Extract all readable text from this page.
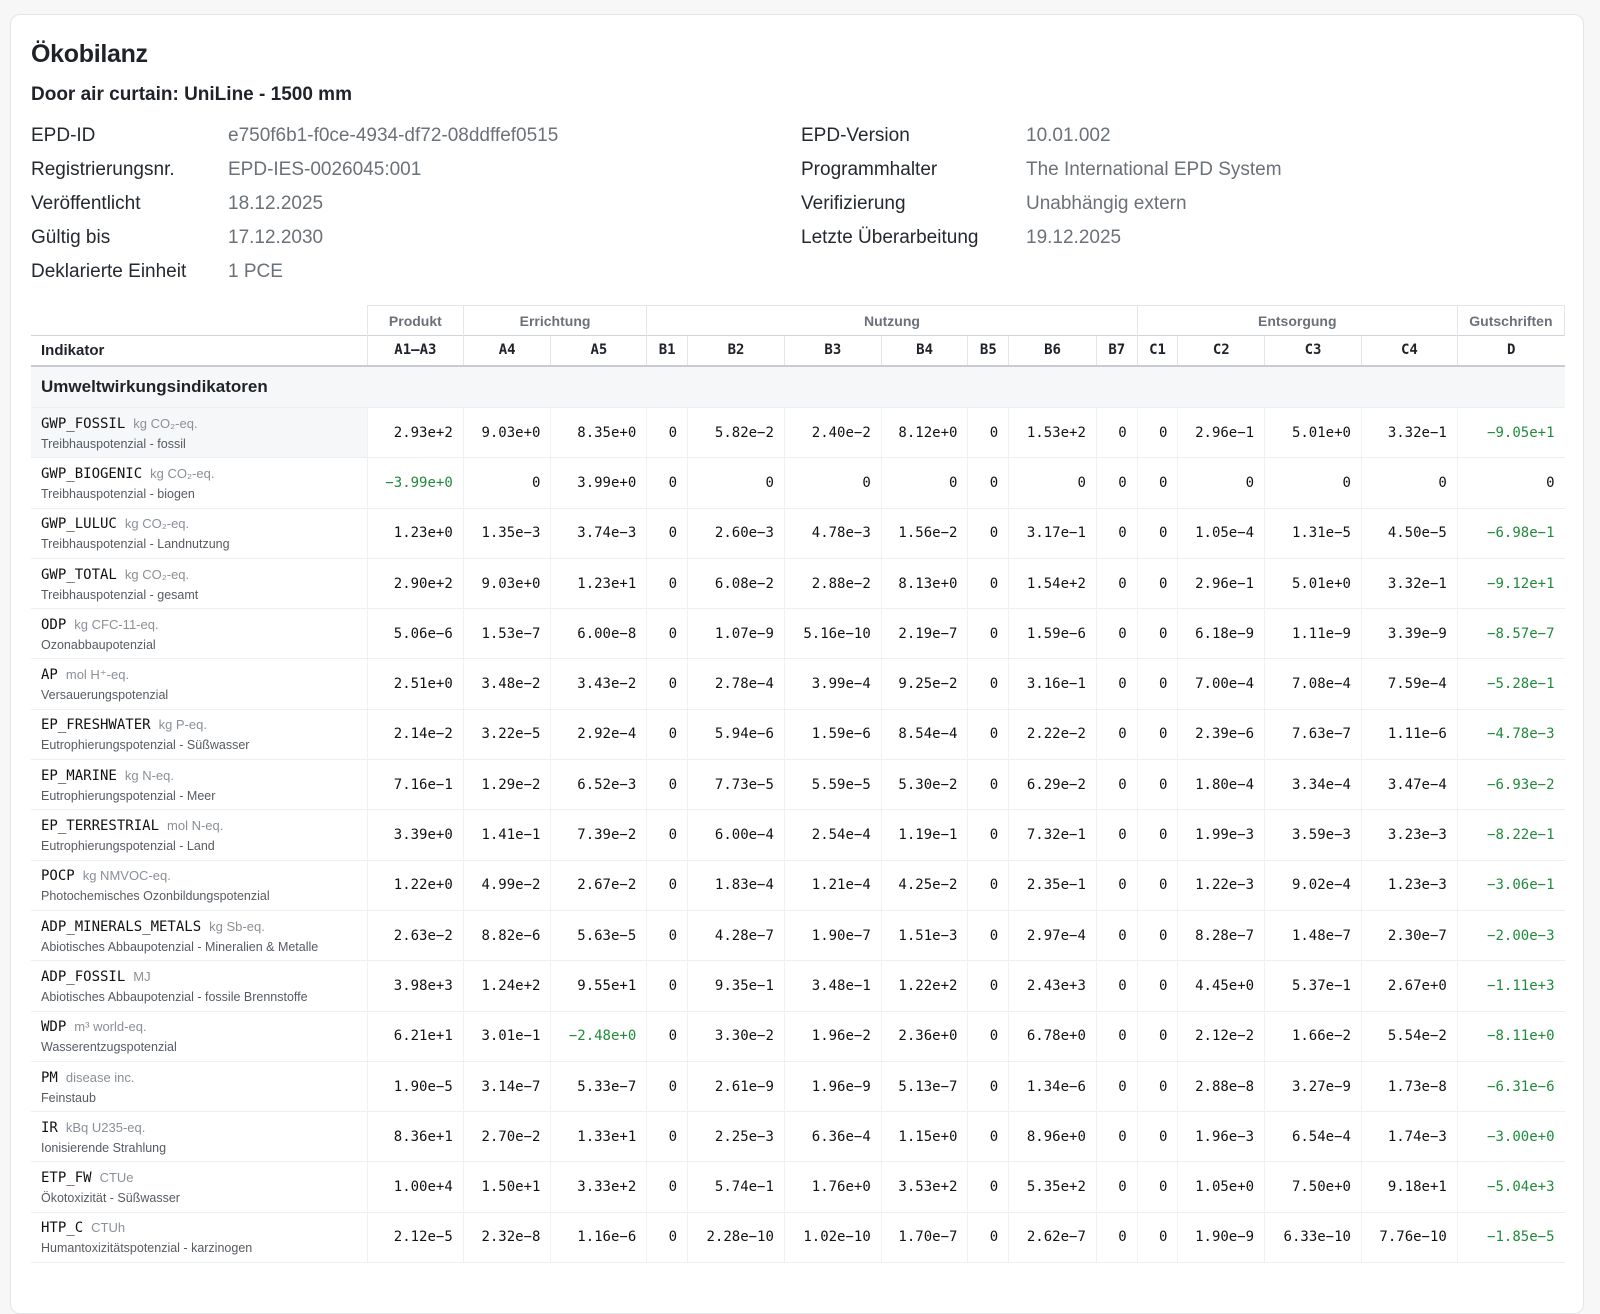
Ökobilanz
Door air curtain: UniLine - 1500 mm
EPD-ID	e750f6b1-f0ce-4934-df72-08ddffef0515
Registrierungsnr.	EPD-IES-0026045:001
Veröffentlicht	18.12.2025
Gültig bis	17.12.2030
Deklarierte Einheit	1 PCE
EPD-Version	10.01.002
Programmhalter	The International EPD System
Verifizierung	Unabhängig extern
Letzte Überarbeitung	19.12.2025
	Produkt	Errichtung		Nutzung							Entsorgung				Gutschriften
Indikator	A1–A3	A4	A5	B1	B2	B3	B4	B5	B6	B7	C1	C2	C3	C4	D
Umweltwirkungsindikatoren															

GWP_FOSSIL kg CO₂-eq.
Treibhauspotenzial - fossil	2.93e+2	9.03e+0	8.35e+0	0	5.82e−2	2.40e−2	8.12e+0	0	1.53e+2	0	0	2.96e−1	5.01e+0	3.32e−1	−9.05e+1

GWP_BIOGENIC kg CO₂-eq.
Treibhauspotenzial - biogen	−3.99e+0	0	3.99e+0	0	0	0	0	0	0	0	0	0	0	0	0

GWP_LULUC kg CO₂-eq.
Treibhauspotenzial - Landnutzung	1.23e+0	1.35e−3	3.74e−3	0	2.60e−3	4.78e−3	1.56e−2	0	3.17e−1	0	0	1.05e−4	1.31e−5	4.50e−5	−6.98e−1

GWP_TOTAL kg CO₂-eq.
Treibhauspotenzial - gesamt	2.90e+2	9.03e+0	1.23e+1	0	6.08e−2	2.88e−2	8.13e+0	0	1.54e+2	0	0	2.96e−1	5.01e+0	3.32e−1	−9.12e+1

ODP kg CFC-11-eq.
Ozonabbaupotenzial	5.06e−6	1.53e−7	6.00e−8	0	1.07e−9	5.16e−10	2.19e−7	0	1.59e−6	0	0	6.18e−9	1.11e−9	3.39e−9	−8.57e−7

AP mol H⁺-eq.
Versauerungspotenzial	2.51e+0	3.48e−2	3.43e−2	0	2.78e−4	3.99e−4	9.25e−2	0	3.16e−1	0	0	7.00e−4	7.08e−4	7.59e−4	−5.28e−1

EP_FRESHWATER kg P-eq.
Eutrophierungspotenzial - Süßwasser	2.14e−2	3.22e−5	2.92e−4	0	5.94e−6	1.59e−6	8.54e−4	0	2.22e−2	0	0	2.39e−6	7.63e−7	1.11e−6	−4.78e−3

EP_MARINE kg N-eq.
Eutrophierungspotenzial - Meer	7.16e−1	1.29e−2	6.52e−3	0	7.73e−5	5.59e−5	5.30e−2	0	6.29e−2	0	0	1.80e−4	3.34e−4	3.47e−4	−6.93e−2

EP_TERRESTRIAL mol N-eq.
Eutrophierungspotenzial - Land	3.39e+0	1.41e−1	7.39e−2	0	6.00e−4	2.54e−4	1.19e−1	0	7.32e−1	0	0	1.99e−3	3.59e−3	3.23e−3	−8.22e−1

POCP kg NMVOC-eq.
Photochemisches Ozonbildungspotenzial	1.22e+0	4.99e−2	2.67e−2	0	1.83e−4	1.21e−4	4.25e−2	0	2.35e−1	0	0	1.22e−3	9.02e−4	1.23e−3	−3.06e−1

ADP_MINERALS_METALS kg Sb-eq.
Abiotisches Abbaupotenzial - Mineralien & Metalle	2.63e−2	8.82e−6	5.63e−5	0	4.28e−7	1.90e−7	1.51e−3	0	2.97e−4	0	0	8.28e−7	1.48e−7	2.30e−7	−2.00e−3

ADP_FOSSIL MJ
Abiotisches Abbaupotenzial - fossile Brennstoffe	3.98e+3	1.24e+2	9.55e+1	0	9.35e−1	3.48e−1	1.22e+2	0	2.43e+3	0	0	4.45e+0	5.37e−1	2.67e+0	−1.11e+3

WDP m³ world-eq.
Wasserentzugspotenzial	6.21e+1	3.01e−1	−2.48e+0	0	3.30e−2	1.96e−2	2.36e+0	0	6.78e+0	0	0	2.12e−2	1.66e−2	5.54e−2	−8.11e+0

PM disease inc.
Feinstaub	1.90e−5	3.14e−7	5.33e−7	0	2.61e−9	1.96e−9	5.13e−7	0	1.34e−6	0	0	2.88e−8	3.27e−9	1.73e−8	−6.31e−6

IR kBq U235-eq.
Ionisierende Strahlung	8.36e+1	2.70e−2	1.33e+1	0	2.25e−3	6.36e−4	1.15e+0	0	8.96e+0	0	0	1.96e−3	6.54e−4	1.74e−3	−3.00e+0

ETP_FW CTUe
Ökotoxizität - Süßwasser	1.00e+4	1.50e+1	3.33e+2	0	5.74e−1	1.76e+0	3.53e+2	0	5.35e+2	0	0	1.05e+0	7.50e+0	9.18e+1	−5.04e+3

HTP_C CTUh
Humantoxizitätspotenzial - karzinogen	2.12e−5	2.32e−8	1.16e−6	0	2.28e−10	1.02e−10	1.70e−7	0	2.62e−7	0	0	1.90e−9	6.33e−10	7.76e−10	−1.85e−5
